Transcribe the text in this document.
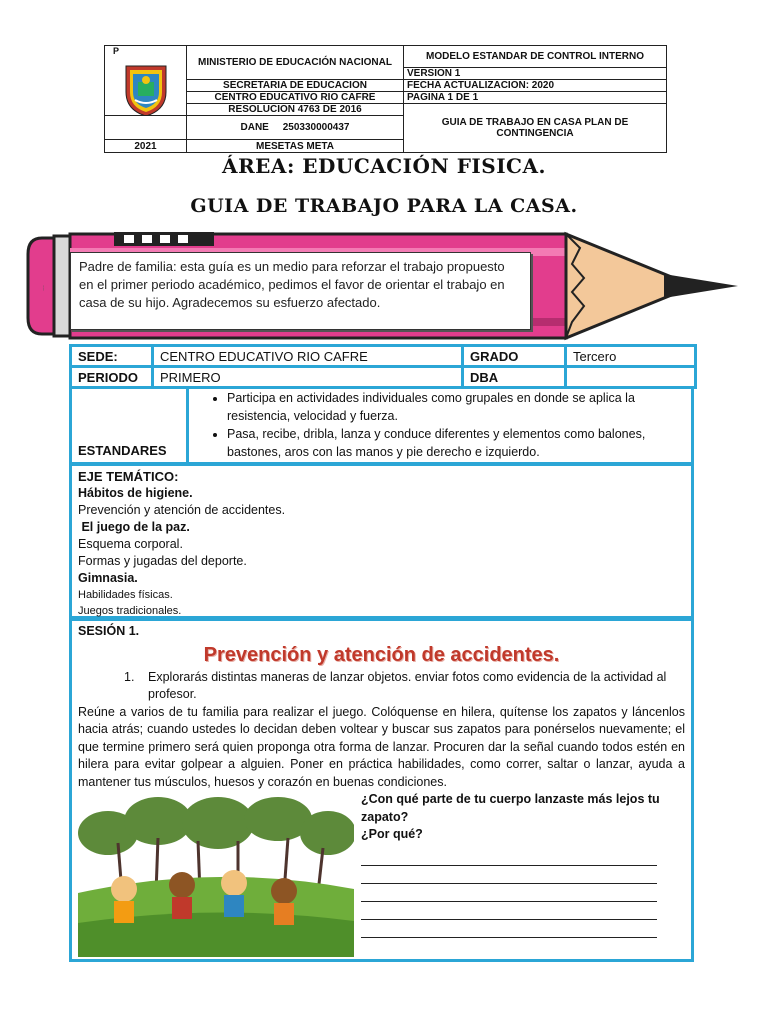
P	MINISTERIO DE EDUCACIÓN NACIONAL	MODELO ESTANDAR DE CONTROL INTERNO
		VERSION 1
	SECRETARIA DE EDUCACION	FECHA ACTUALIZACION: 2020
	CENTRO EDUCATIVO RIO CAFRE	PAGINA 1 DE 1
	RESOLUCION 4763 DE 2016	GUIA DE TRABAJO EN CASA PLAN DE CONTINGENCIA
	DANE     250330000437	
2021	MESETAS META	
ÁREA: EDUCACIÓN FISICA.
GUIA DE TRABAJO PARA LA CASA.
...
Padre de familia: esta guía es un medio para reforzar el trabajo propuesto en el primer periodo académico, pedimos el favor de orientar el trabajo en casa de su hijo. Agradecemos su esfuerzo afectado.
SEDE:	CENTRO EDUCATIVO RIO CAFRE	GRADO	Tercero
PERIODO	PRIMERO	DBA	
ESTANDARES
• Participa en actividades individuales como grupales en donde se aplica la resistencia, velocidad y fuerza.
• Pasa, recibe, dribla, lanza y conduce diferentes y elementos como balones, bastones, aros con las manos y pie derecho e izquierdo.
EJE TEMÁTICO:
Hábitos de higiene.
Prevención y atención de accidentes.
El juego de la paz.
Esquema corporal.
Formas y jugadas del deporte.
Gimnasia.
Habilidades físicas.
Juegos tradicionales.
SESIÓN 1.
Prevención y atención de accidentes.
1.	Explorarás distintas maneras de lanzar objetos. enviar fotos como evidencia de la actividad al profesor.
Reúne a varios de tu familia para realizar el juego. Colóquense en hilera, quítense los zapatos y láncenlos hacia atrás; cuando ustedes lo decidan deben voltear y buscar sus zapatos para ponérselos nuevamente; el que termine primero será quien proponga otra forma de lanzar. Procuren dar la señal cuando todos estén en hilera para evitar golpear a alguien. Poner en práctica habilidades, como correr, saltar o lanzar, ayuda a mantener tus músculos, huesos y corazón en buenas condiciones.
¿Con qué parte de tu cuerpo lanzaste más lejos tu zapato?
¿Por qué?
